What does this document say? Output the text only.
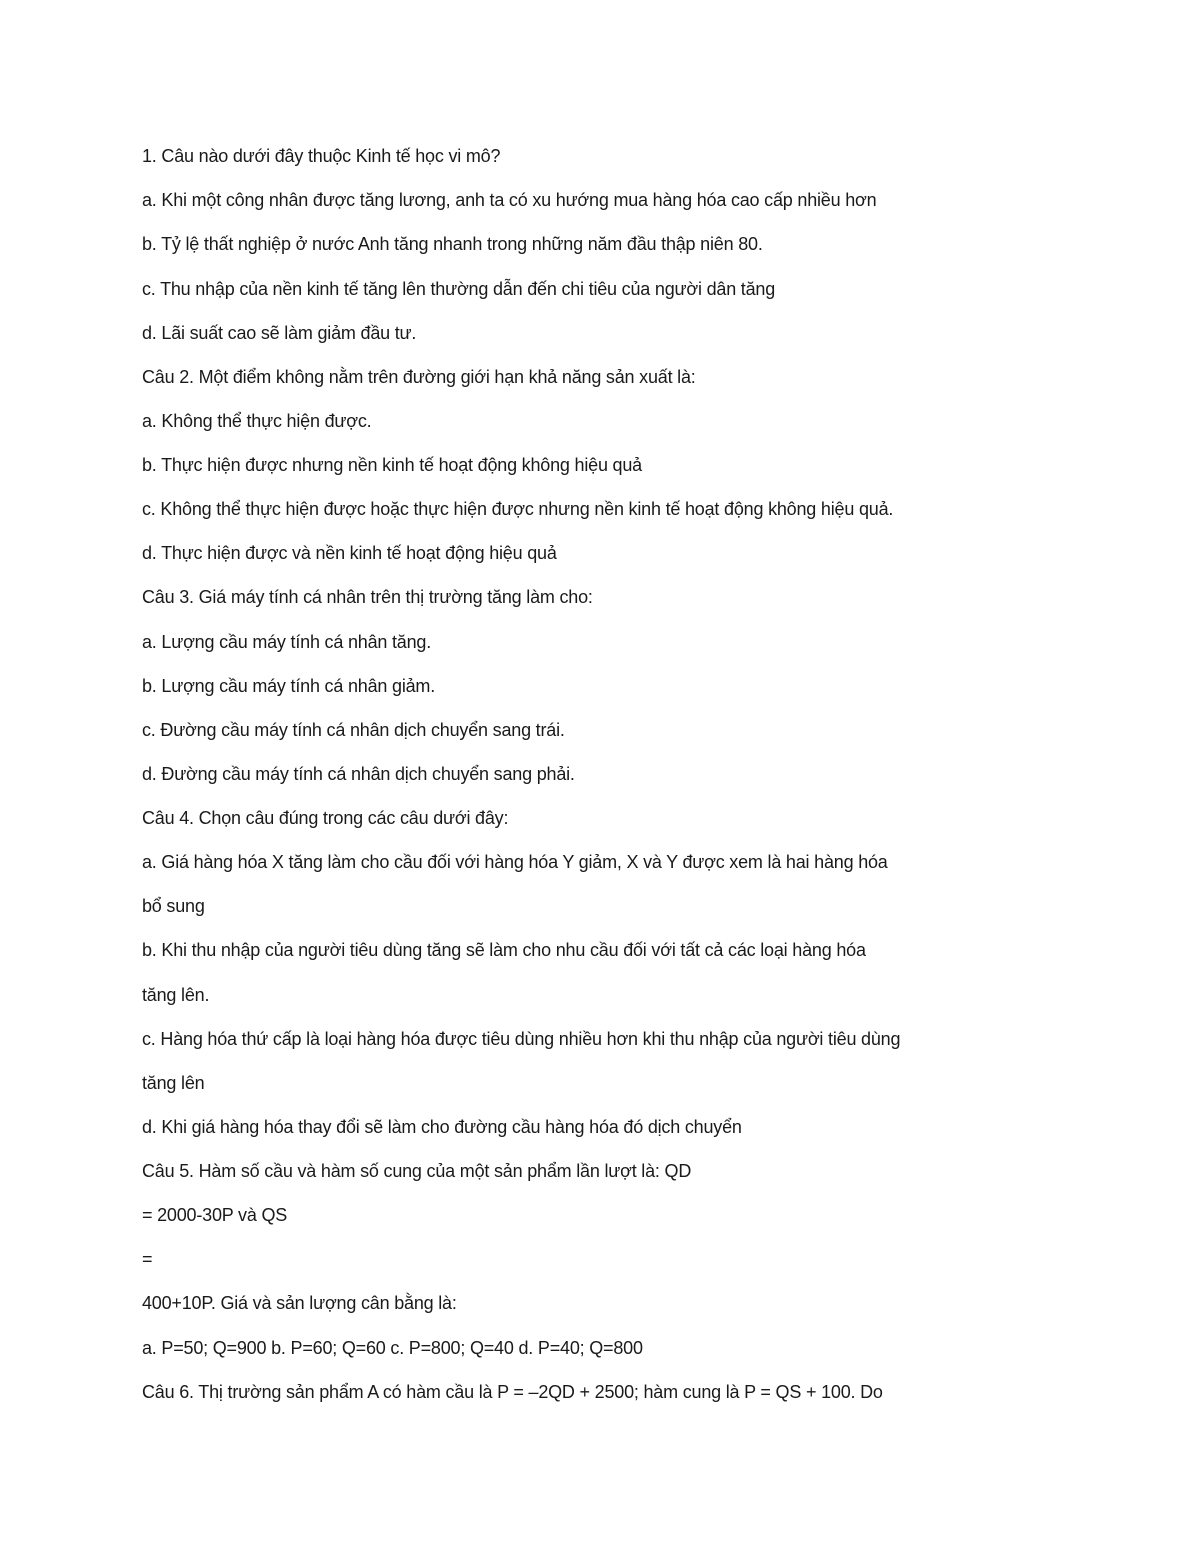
1. Câu nào dưới đây thuộc Kinh tế học vi mô?
a. Khi một công nhân được tăng lương, anh ta có xu hướng mua hàng hóa cao cấp nhiều hơn
b. Tỷ lệ thất nghiệp ở nước Anh tăng nhanh trong những năm đầu thập niên 80.
c. Thu nhập của nền kinh tế tăng lên thường dẫn đến chi tiêu của người dân tăng
d. Lãi suất cao sẽ làm giảm đầu tư.
Câu 2. Một điểm không nằm trên đường giới hạn khả năng sản xuất là:
a. Không thể thực hiện được.
b. Thực hiện được nhưng nền kinh tế hoạt động không hiệu quả
c. Không thể thực hiện được hoặc thực hiện được nhưng nền kinh tế hoạt động không hiệu quả.
d. Thực hiện được và nền kinh tế hoạt động hiệu quả
Câu 3. Giá máy tính cá nhân trên thị trường tăng làm cho:
a. Lượng cầu máy tính cá nhân tăng.
b. Lượng cầu máy tính cá nhân giảm.
c. Đường cầu máy tính cá nhân dịch chuyển sang trái.
d. Đường cầu máy tính cá nhân dịch chuyển sang phải.
Câu 4. Chọn câu đúng trong các câu dưới đây:
a. Giá hàng hóa X tăng làm cho cầu đối với hàng hóa Y giảm, X và Y được xem là hai hàng hóa
bổ sung
b. Khi thu nhập của người tiêu dùng tăng sẽ làm cho nhu cầu đối với tất cả các loại hàng hóa
tăng lên.
c. Hàng hóa thứ cấp là loại hàng hóa được tiêu dùng nhiều hơn khi thu nhập của người tiêu dùng
tăng lên
d. Khi giá hàng hóa thay đổi sẽ làm cho đường cầu hàng hóa đó dịch chuyển
Câu 5. Hàm số cầu và hàm số cung của một sản phẩm lần lượt là: QD
= 2000-30P và QS
=
400+10P. Giá và sản lượng cân bằng là:
a. P=50; Q=900 b. P=60; Q=60 c. P=800; Q=40 d. P=40; Q=800
Câu 6. Thị trường sản phẩm A có hàm cầu là P = –2QD + 2500; hàm cung là P = QS + 100. Do
